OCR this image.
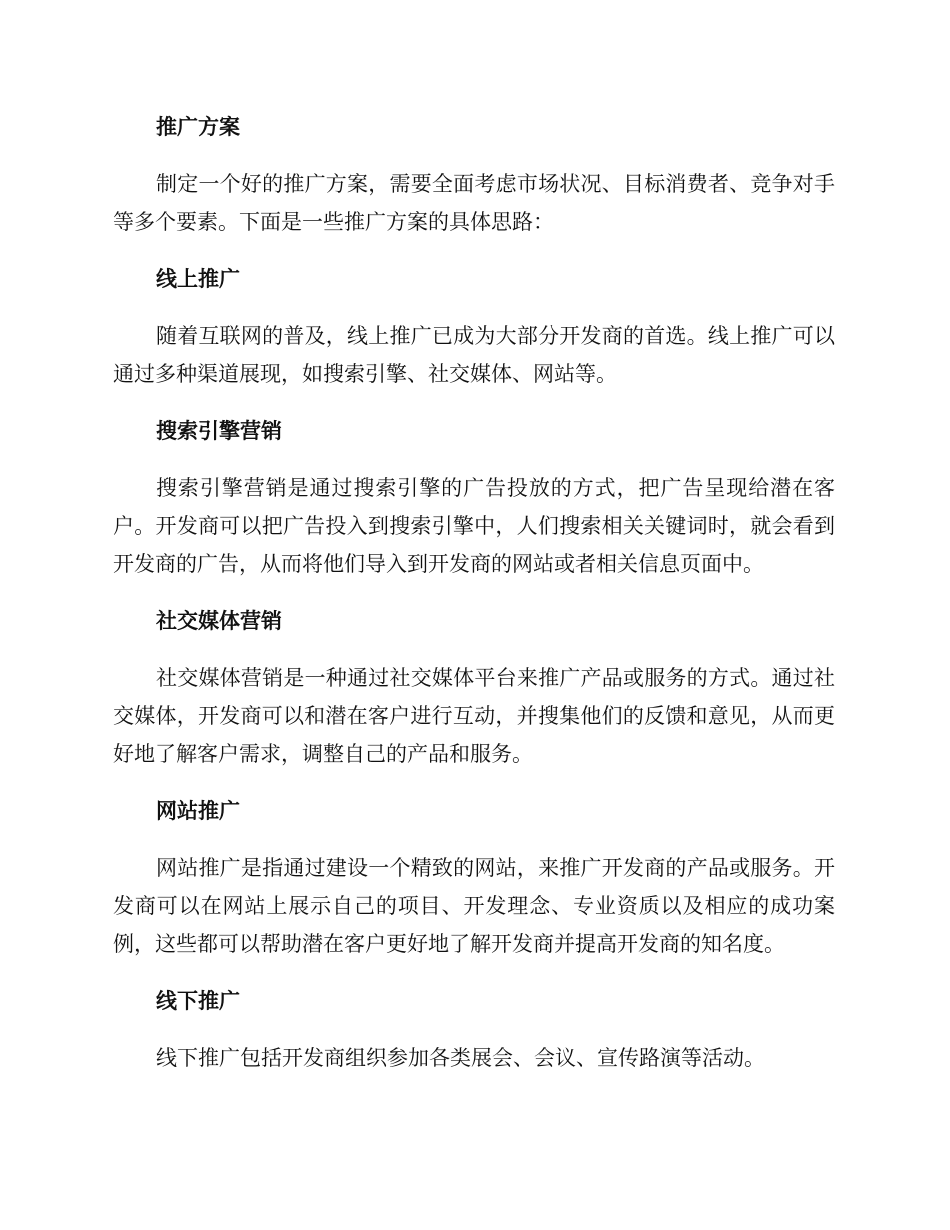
推广方案

制定一个好的推广方案，需要全面考虑市场状况、目标消费者、竞争对手等多个要素。下面是一些推广方案的具体思路：

线上推广

随着互联网的普及，线上推广已成为大部分开发商的首选。线上推广可以通过多种渠道展现，如搜索引擎、社交媒体、网站等。

搜索引擎营销

搜索引擎营销是通过搜索引擎的广告投放的方式，把广告呈现给潜在客户。开发商可以把广告投入到搜索引擎中，人们搜索相关关键词时，就会看到开发商的广告，从而将他们导入到开发商的网站或者相关信息页面中。

社交媒体营销

社交媒体营销是一种通过社交媒体平台来推广产品或服务的方式。通过社交媒体，开发商可以和潜在客户进行互动，并搜集他们的反馈和意见，从而更好地了解客户需求，调整自己的产品和服务。

网站推广

网站推广是指通过建设一个精致的网站，来推广开发商的产品或服务。开发商可以在网站上展示自己的项目、开发理念、专业资质以及相应的成功案例，这些都可以帮助潜在客户更好地了解开发商并提高开发商的知名度。

线下推广

线下推广包括开发商组织参加各类展会、会议、宣传路演等活动。
